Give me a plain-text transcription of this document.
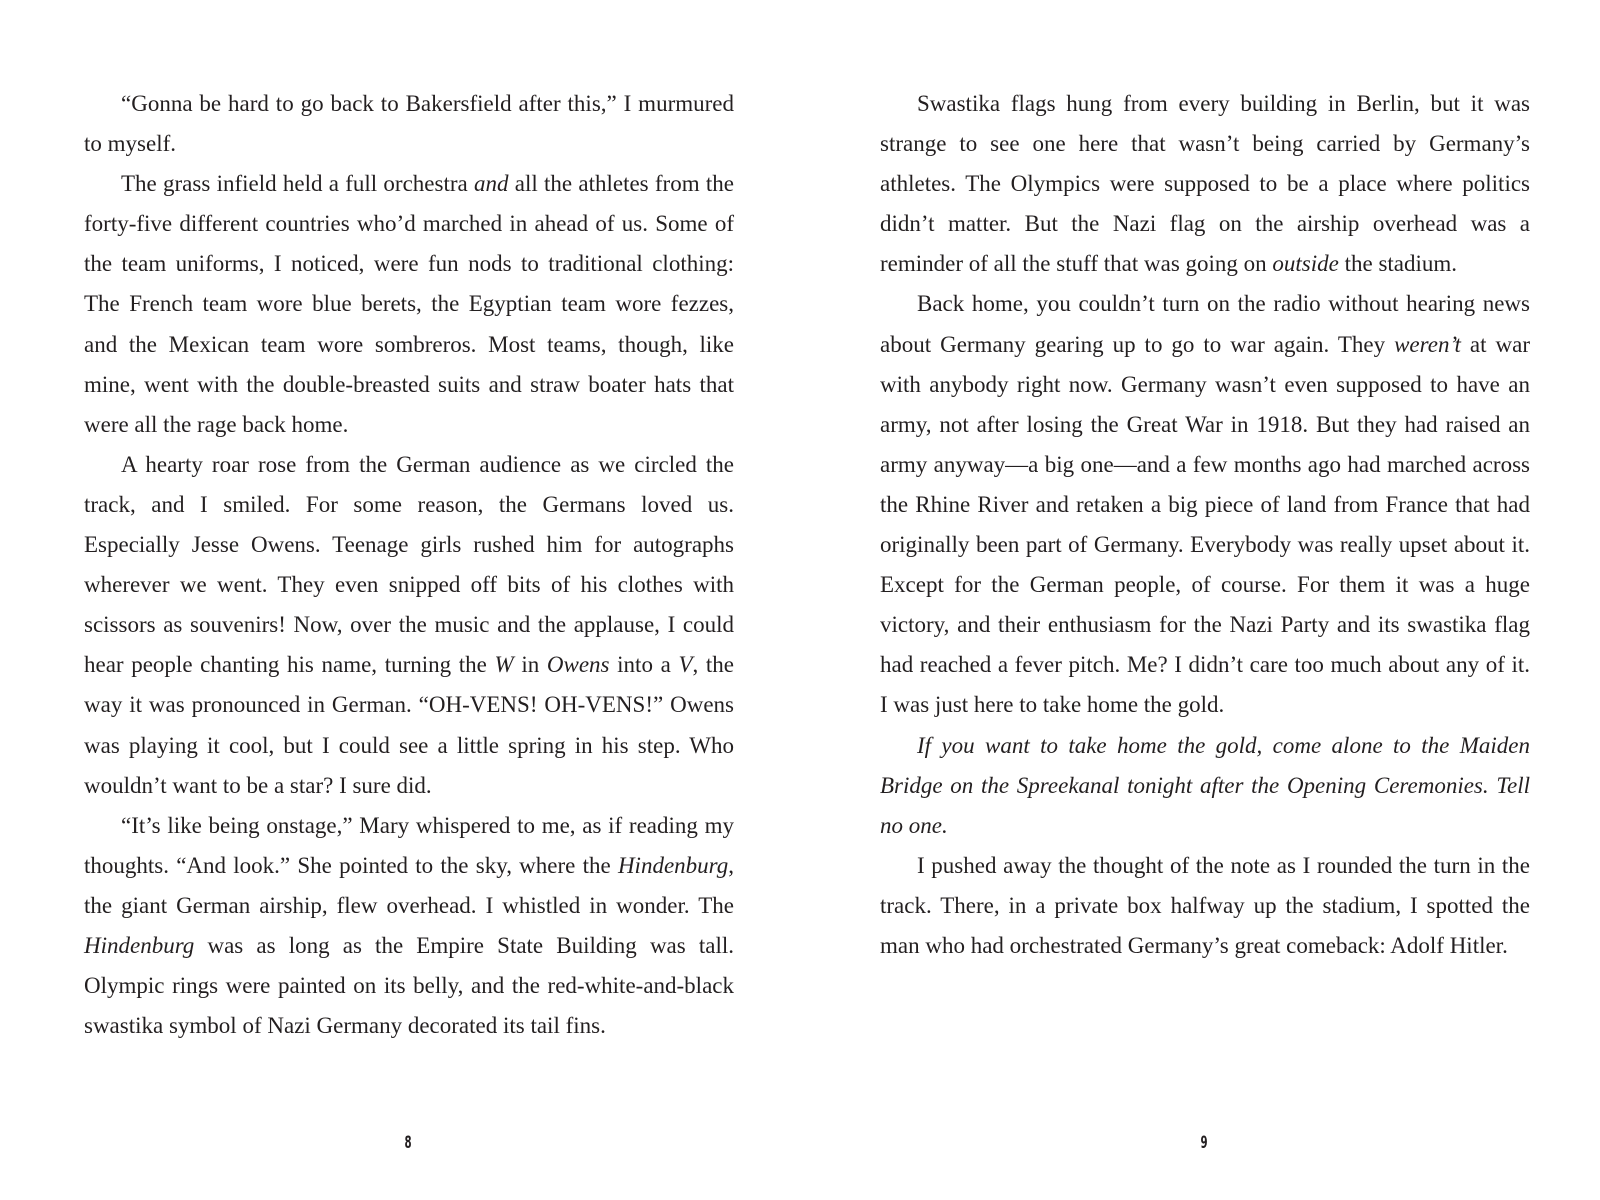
“Gonna be hard to go back to Bakersfield after this,” I murmured to myself.

The grass infield held a full orchestra and all the athletes from the forty-five different countries who’d marched in ahead of us. Some of the team uniforms, I noticed, were fun nods to traditional clothing: The French team wore blue berets, the Egyptian team wore fezzes, and the Mexican team wore sombreros. Most teams, though, like mine, went with the double-breasted suits and straw boater hats that were all the rage back home.

A hearty roar rose from the German audience as we circled the track, and I smiled. For some reason, the Germans loved us. Especially Jesse Owens. Teenage girls rushed him for autographs wherever we went. They even snipped off bits of his clothes with scissors as souvenirs! Now, over the music and the applause, I could hear people chanting his name, turning the W in Owens into a V, the way it was pronounced in German. “OH-VENS! OH-VENS!” Owens was playing it cool, but I could see a little spring in his step. Who wouldn’t want to be a star? I sure did.

“It’s like being onstage,” Mary whispered to me, as if reading my thoughts. “And look.” She pointed to the sky, where the Hindenburg, the giant German airship, flew overhead. I whistled in wonder. The Hindenburg was as long as the Empire State Building was tall. Olympic rings were painted on its belly, and the red-white-and-black swastika symbol of Nazi Germany decorated its tail fins.

Swastika flags hung from every building in Berlin, but it was strange to see one here that wasn’t being carried by Germany’s athletes. The Olympics were supposed to be a place where politics didn’t matter. But the Nazi flag on the airship overhead was a reminder of all the stuff that was going on outside the stadium.

Back home, you couldn’t turn on the radio without hearing news about Germany gearing up to go to war again. They weren’t at war with anybody right now. Germany wasn’t even supposed to have an army, not after losing the Great War in 1918. But they had raised an army anyway—a big one—and a few months ago had marched across the Rhine River and retaken a big piece of land from France that had originally been part of Germany. Everybody was really upset about it. Except for the German people, of course. For them it was a huge victory, and their enthusiasm for the Nazi Party and its swastika flag had reached a fever pitch. Me? I didn’t care too much about any of it. I was just here to take home the gold.

If you want to take home the gold, come alone to the Maiden Bridge on the Spreekanal tonight after the Opening Ceremonies. Tell no one.

I pushed away the thought of the note as I rounded the turn in the track. There, in a private box halfway up the stadium, I spotted the man who had orchestrated Germany’s great comeback: Adolf Hitler.

8	9
